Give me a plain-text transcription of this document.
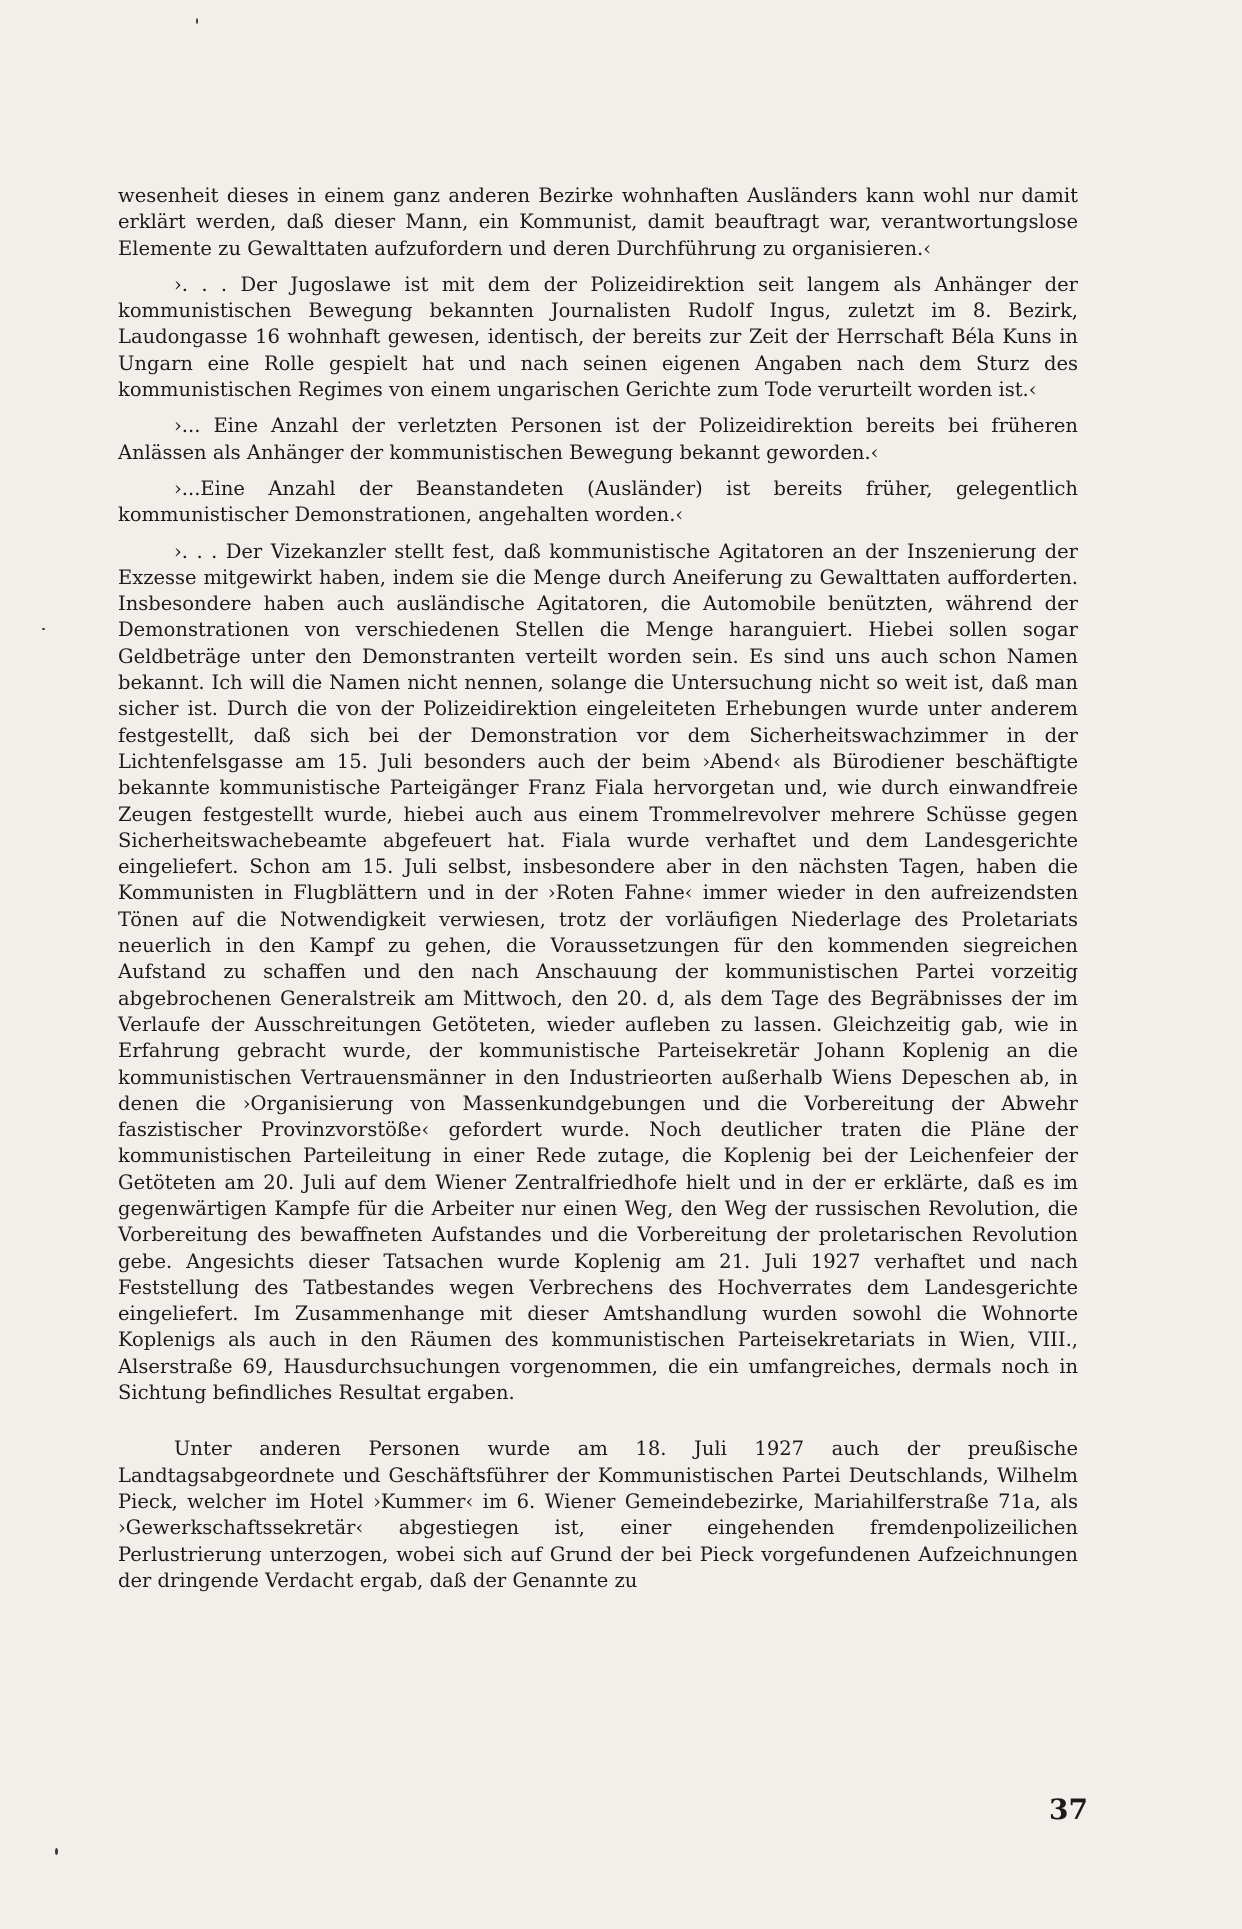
wesenheit dieses in einem ganz anderen Bezirke wohnhaften Ausländers kann wohl nur damit erklärt werden, daß dieser Mann, ein Kommunist, damit beauftragt war, verantwortungslose Elemente zu Gewalttaten aufzufordern und deren Durchführung zu organisieren.‹

›. . . Der Jugoslawe ist mit dem der Polizeidirektion seit langem als Anhänger der kommunistischen Bewegung bekannten Journalisten Rudolf Ingus, zuletzt im 8. Bezirk, Laudongasse 16 wohnhaft gewesen, identisch, der bereits zur Zeit der Herrschaft Béla Kuns in Ungarn eine Rolle gespielt hat und nach seinen eigenen Angaben nach dem Sturz des kommunistischen Regimes von einem ungarischen Gerichte zum Tode verurteilt worden ist.‹

›... Eine Anzahl der verletzten Personen ist der Polizeidirektion bereits bei früheren Anlässen als Anhänger der kommunistischen Bewegung bekannt geworden.‹

›...Eine Anzahl der Beanstandeten (Ausländer) ist bereits früher, gelegentlich kommunistischer Demonstrationen, angehalten worden.‹

›. . . Der Vizekanzler stellt fest, daß kommunistische Agitatoren an der Inszenierung der Exzesse mitgewirkt haben, indem sie die Menge durch Aneiferung zu Gewalttaten aufforderten. Insbesondere haben auch ausländische Agitatoren, die Automobile benützten, während der Demonstrationen von verschiedenen Stellen die Menge haranguiert. Hiebei sollen sogar Geldbeträge unter den Demonstranten verteilt worden sein. Es sind uns auch schon Namen bekannt. Ich will die Namen nicht nennen, solange die Untersuchung nicht so weit ist, daß man sicher ist. Durch die von der Polizeidirektion eingeleiteten Erhebungen wurde unter anderem festgestellt, daß sich bei der Demonstration vor dem Sicherheitswachzimmer in der Lichtenfelsgasse am 15. Juli besonders auch der beim ›Abend‹ als Bürodiener beschäftigte bekannte kommunistische Parteigänger Franz Fiala hervorgetan und, wie durch einwandfreie Zeugen festgestellt wurde, hiebei auch aus einem Trommelrevolver mehrere Schüsse gegen Sicherheitswachebeamte abgefeuert hat. Fiala wurde verhaftet und dem Landesgerichte eingeliefert. Schon am 15. Juli selbst, insbesondere aber in den nächsten Tagen, haben die Kommunisten in Flugblättern und in der ›Roten Fahne‹ immer wieder in den aufreizendsten Tönen auf die Notwendigkeit verwiesen, trotz der vorläufigen Niederlage des Proletariats neuerlich in den Kampf zu gehen, die Voraussetzungen für den kommenden siegreichen Aufstand zu schaffen und den nach Anschauung der kommunistischen Partei vorzeitig abgebrochenen Generalstreik am Mittwoch, den 20. d, als dem Tage des Begräbnisses der im Verlaufe der Ausschreitungen Getöteten, wieder aufleben zu lassen. Gleichzeitig gab, wie in Erfahrung gebracht wurde, der kommunistische Parteisekretär Johann Koplenig an die kommunistischen Vertrauensmänner in den Industrieorten außerhalb Wiens Depeschen ab, in denen die ›Organisierung von Massenkundgebungen und die Vorbereitung der Abwehr faszistischer Provinzvorstöße‹ gefordert wurde. Noch deutlicher traten die Pläne der kommunistischen Parteileitung in einer Rede zutage, die Koplenig bei der Leichenfeier der Getöteten am 20. Juli auf dem Wiener Zentralfriedhofe hielt und in der er erklärte, daß es im gegenwärtigen Kampfe für die Arbeiter nur einen Weg, den Weg der russischen Revolution, die Vorbereitung des bewaffneten Aufstandes und die Vorbereitung der proletarischen Revolution gebe. Angesichts dieser Tatsachen wurde Koplenig am 21. Juli 1927 verhaftet und nach Feststellung des Tatbestandes wegen Verbrechens des Hochverrates dem Landesgerichte eingeliefert. Im Zusammenhange mit dieser Amtshandlung wurden sowohl die Wohnorte Koplenigs als auch in den Räumen des kommunistischen Parteisekretariats in Wien, VIII., Alserstraße 69, Hausdurchsuchungen vorgenommen, die ein umfangreiches, dermals noch in Sichtung befindliches Resultat ergaben.

Unter anderen Personen wurde am 18. Juli 1927 auch der preußische Landtagsabgeordnete und Geschäftsführer der Kommunistischen Partei Deutschlands, Wilhelm Pieck, welcher im Hotel ›Kummer‹ im 6. Wiener Gemeindebezirke, Mariahilferstraße 71a, als ›Gewerkschaftssekretär‹ abgestiegen ist, einer eingehenden fremdenpolizeilichen Perlustrierung unterzogen, wobei sich auf Grund der bei Pieck vorgefundenen Aufzeichnungen der dringende Verdacht ergab, daß der Genannte zu

37
